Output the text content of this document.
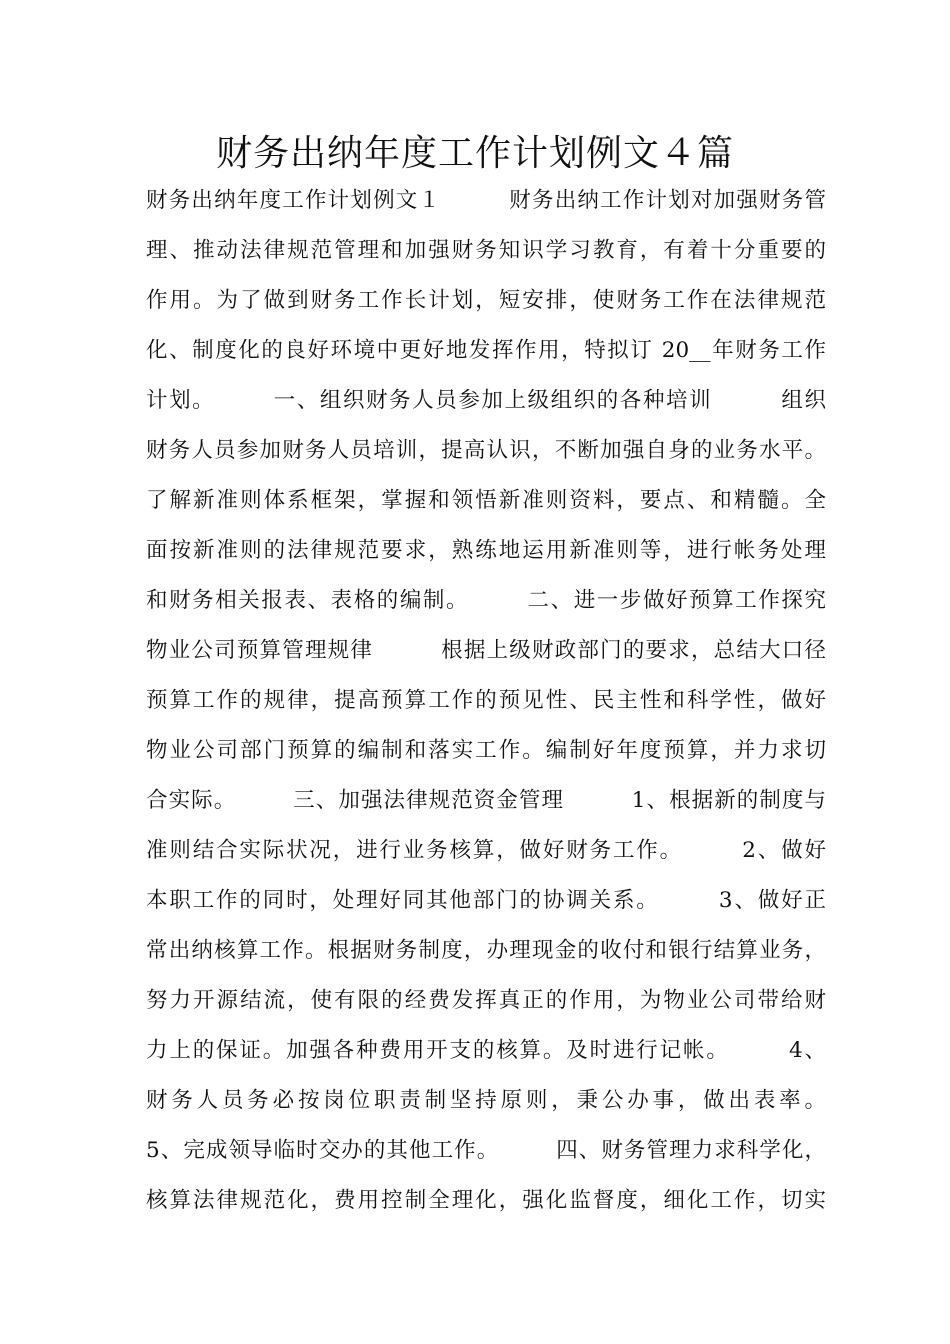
财务出纳年度工作计划例文４篇
财务出纳年度工作计划例文１　　　财务出纳工作计划对加强财务管
理、推动法律规范管理和加强财务知识学习教育，有着十分重要的
作用。为了做到财务工作长计划，短安排，使财务工作在法律规范
化、制度化的良好环境中更好地发挥作用，特拟订 20__年财务工作
计划。　　　一、组织财务人员参加上级组织的各种培训　　　组织
财务人员参加财务人员培训，提高认识，不断加强自身的业务水平。
了解新准则体系框架，掌握和领悟新准则资料，要点、和精髓。全
面按新准则的法律规范要求，熟练地运用新准则等，进行帐务处理
和财务相关报表、表格的编制。　　　二、进一步做好预算工作探究
物业公司预算管理规律　　　根据上级财政部门的要求，总结大口径
预算工作的规律，提高预算工作的预见性、民主性和科学性，做好
物业公司部门预算的编制和落实工作。编制好年度预算，并力求切
合实际。　　　三、加强法律规范资金管理　　　1、根据新的制度与
准则结合实际状况，进行业务核算，做好财务工作。　　　2、做好
本职工作的同时，处理好同其他部门的协调关系。　　　3、做好正
常出纳核算工作。根据财务制度，办理现金的收付和银行结算业务，
努力开源结流，使有限的经费发挥真正的作用，为物业公司带给财
力上的保证。加强各种费用开支的核算。及时进行记帐。　　　4、
财务人员务必按岗位职责制坚持原则，秉公办事，做出表率。
5、完成领导临时交办的其他工作。　　　四、财务管理力求科学化，
核算法律规范化，费用控制全理化，强化监督度，细化工作，切实
